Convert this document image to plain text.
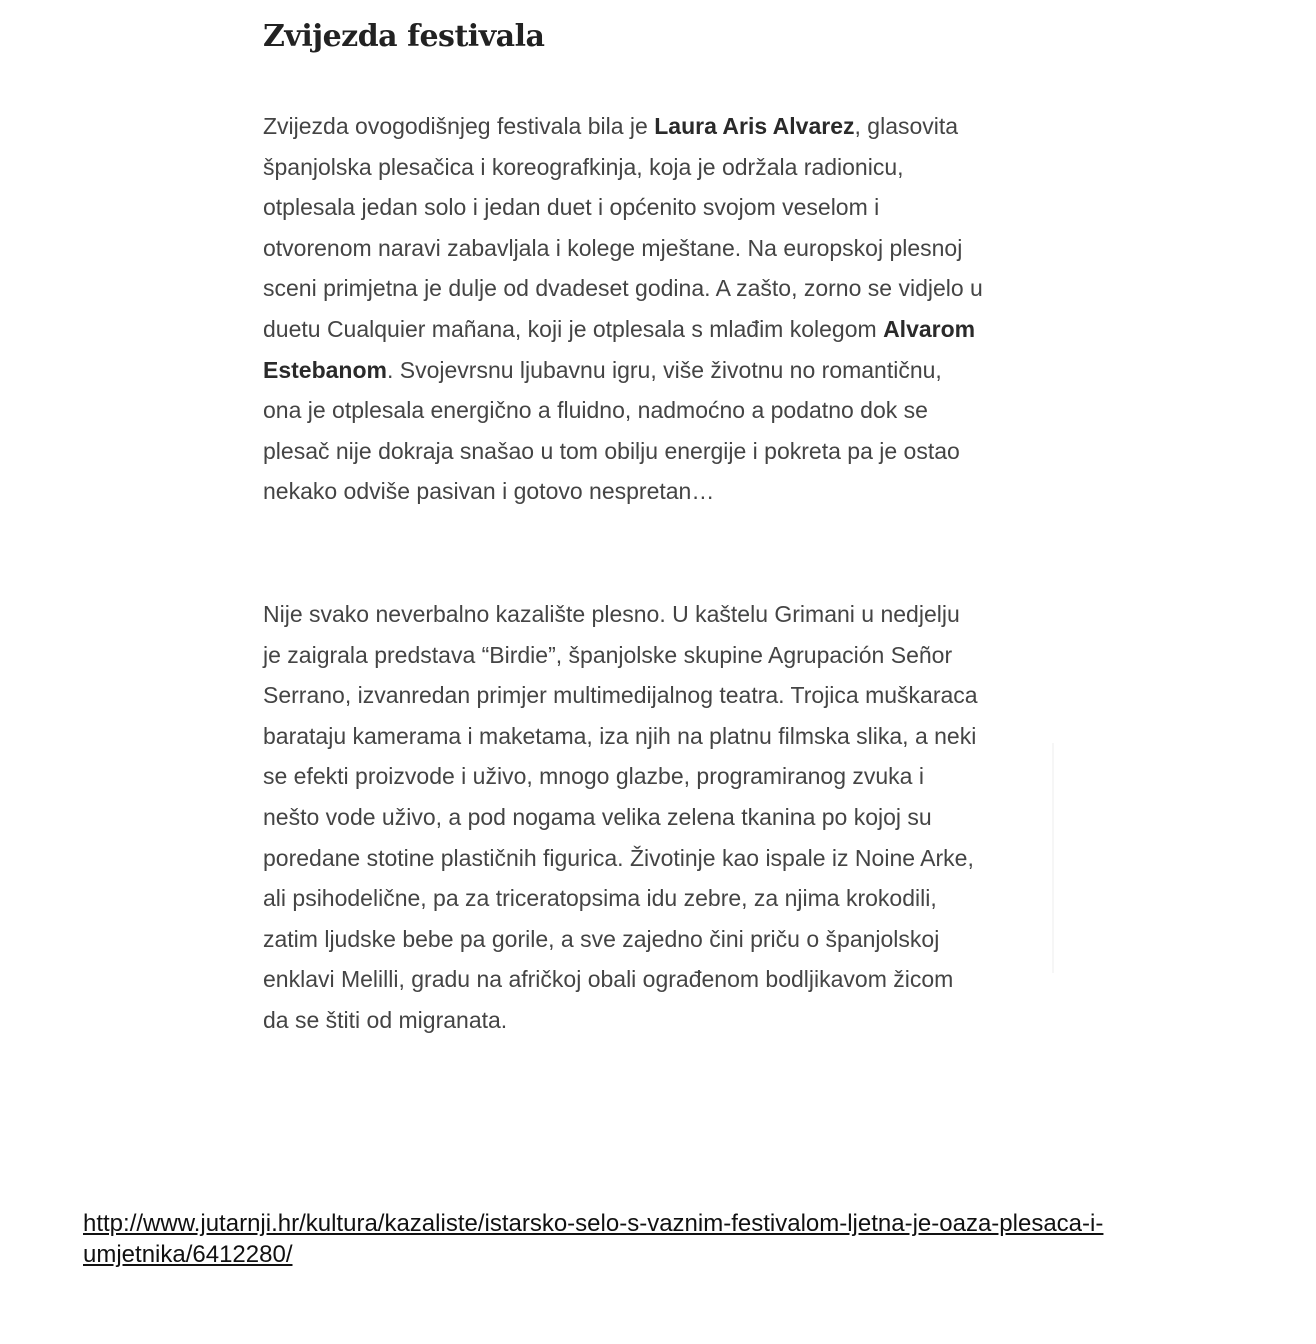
Zvijezda festivala

Zvijezda ovogodišnjeg festivala bila je Laura Aris Alvarez, glasovita španjolska plesačica i koreografkinja, koja je održala radionicu, otplesala jedan solo i jedan duet i općenito svojom veselom i otvorenom naravi zabavljala i kolege mještane. Na europskoj plesnoj sceni primjetna je dulje od dvadeset godina. A zašto, zorno se vidjelo u duetu Cualquier mañana, koji je otplesala s mlađim kolegom Alvarom Estebanom. Svojevrsnu ljubavnu igru, više životnu no romantičnu, ona je otplesala energično a fluidno, nadmoćno a podatno dok se plesač nije dokraja snašao u tom obilju energije i pokreta pa je ostao nekako odviše pasivan i gotovo nespretan…

Nije svako neverbalno kazalište plesno. U kaštelu Grimani u nedjelju je zaigrala predstava “Birdie”, španjolske skupine Agrupación Señor Serrano, izvanredan primjer multimedijalnog teatra. Trojica muškaraca barataju kamerama i maketama, iza njih na platnu filmska slika, a neki se efekti proizvode i uživo, mnogo glazbe, programiranog zvuka i nešto vode uživo, a pod nogama velika zelena tkanina po kojoj su poredane stotine plastičnih figurica. Životinje kao ispale iz Noine Arke, ali psihodelične, pa za triceratopsima idu zebre, za njima krokodili, zatim ljudske bebe pa gorile, a sve zajedno čini priču o španjolskoj enklavi Melilli, gradu na afričkoj obali ograđenom bodljikavom žicom da se štiti od migranata.

http://www.jutarnji.hr/kultura/kazaliste/istarsko-selo-s-vaznim-festivalom-ljetna-je-oaza-plesaca-i-umjetnika/6412280/
